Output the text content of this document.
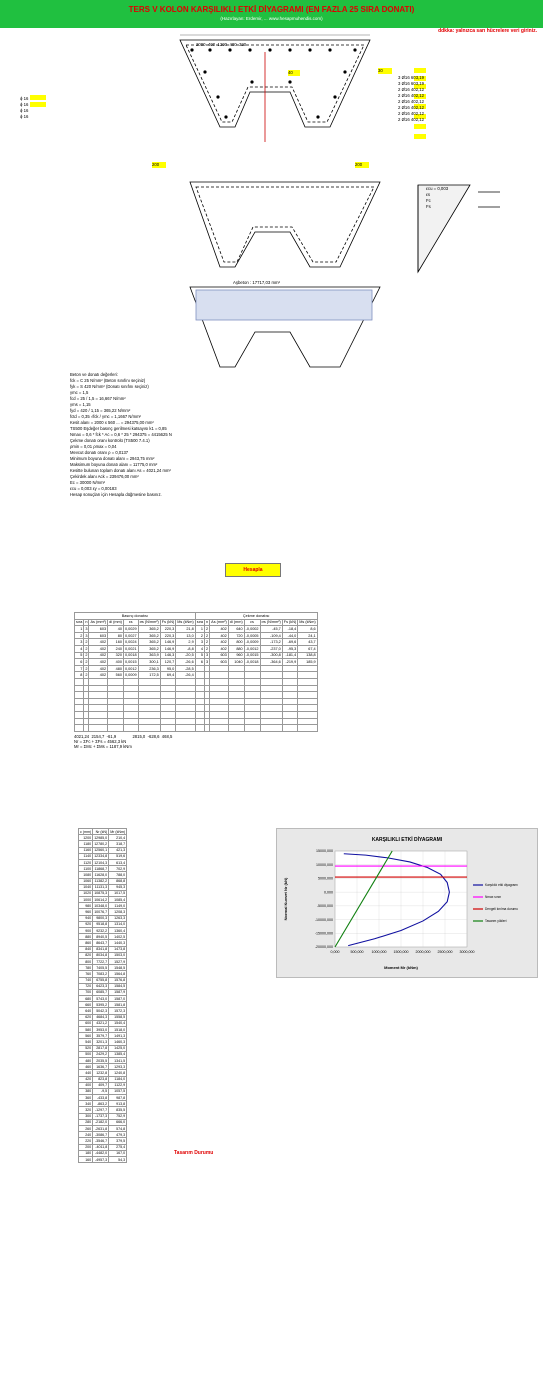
TERS V KOLON KARŞILIKLI ETKİ DİYAGRAMI (EN FAZLA 25 SIRA DONATI)
(Hazırlayan: Erdemir, ... www.hesapmuhendis.com)
ddkka: yalnızca sarı hücrelere veri giriniz.
3 Ø16 603,19
3 Ø16 603,19
2 Ø16 402,12
2 Ø16 402,12
2 Ø16 402,12
2 Ø16 402,12
2 Ø16 402,12
2 Ø16 402,12
2000 400 1200 400 320
ϕ 16
ϕ 16
ϕ 16
ϕ 16
30
40
200	200
Aşbeton : 17717,03 mm²
εcu = 0,003
εs
Fc
Fs
Beton ve donatı değerleri:
fck = C 25 N/mm² (Beton sınıfını seçiniz)
fyk = S 420 N/mm² (Donatı sınıfını seçiniz)
γmc = 1,5
fcd = 25 / 1,5 = 16,667 N/mm²
γms = 1,15
fyd = 420 / 1,15 = 365,22 N/mm²
fctd = 0,35 √fck / γmc = 1,1667 N/mm²
Kesit alanı = 2000 x 560 ... = 294375,00 mm²
TS500 Eşdeğer basınç gerilmesi katsayısı k1 = 0,85
Nmax = 0,6 * fck * Ac = 0,6 * 25 * 294375 = 4415625 N
Çekme donatı oranı kontrolü (TS500 7.4.1)
ρmin = 0,01 ρmax = 0,04
Mevcut donatı oranı ρ = 0,0137
Minimum boyuna donatı alanı = 2943,75 mm²
Maksimum boyuna donatı alanı = 11775,0 mm²
Kesitte bulunan toplam donatı alanı As = 4021,24 mm²
Çekirdek alanı Ack = 239476,00 mm²
Ec = 30000 N/mm²
εcu = 0,003 εy = 0,00183
Hesap sonuçları için Hesapla düğmesine basınız.
Hesapla
Basınç donatısı								Çekme donatısı							
sıra	n	As (mm²)	di (mm)	εs	σs (N/mm²)	Fs (kN)	Ms (kNm)	sıra	n	As (mm²)	di (mm)	εs	σs (N/mm²)	Fs (kN)	Ms (kNm)
1	3	603	40	0,0029	365,2	220,3	21,8	1	2	402	640	-0,0002	-45,7	-18,4	8,6
2	3	603	80	0,0027	365,2	220,3	13,0	2	2	402	720	-0,0005	-109,4	-44,0	24,1
3	2	402	160	0,0024	365,2	146,9	2,9	3	2	402	800	-0,0009	-173,2	-69,6	43,7
4	2	402	240	0,0021	365,2	146,9	-8,8	4	2	402	880	-0,0012	-237,0	-95,3	67,4
5	2	402	320	0,0018	363,9	146,3	-20,5	5	3	603	960	-0,0015	-300,8	-181,4	138,8
6	2	402	400	0,0015	300,1	120,7	-26,6	6	3	603	1040	-0,0018	-364,6	-219,9	185,9
7	2	402	480	0,0012	236,3	95,0	-28,5								
8	2	402	560	0,0009	172,5	69,4	-26,4								

4021,24 2154,7 -61,9	2815,0 -628,6 468,5
Nr = ΣFc + ΣFs = 4562,3 kN
Mr = ΣMc + ΣMs = 1187,9 kNm
c (mm)	Nr (kN)	Mr (kNm)
1200	12985,0	210,4
1180	12780,2	318,7
1160	12560,1	421,3
1140	12334,8	519,6
1120	12104,3	613,4
1100	11868,7	702,9
1080	11628,0	788,0
1060	11382,2	868,8
1040	11131,3	945,3
1020	10875,3	1017,5
1000	10614,2	1085,4
980	10348,0	1149,0
960	10076,7	1208,3
940	9800,3	1263,3
920	9518,8	1314,0
900	9232,2	1360,4
880	8940,5	1402,5
860	8643,7	1440,3
840	8341,8	1473,8
820	8034,8	1503,0
800	7722,7	1527,9
780	7405,5	1548,5
760	7083,2	1564,8
740	6755,8	1576,8
720	6423,3	1584,5
700	6085,7	1587,9
680	5743,0	1587,0
660	5395,2	1581,8
640	5042,3	1572,3
620	4684,3	1558,5
600	4321,2	1540,4
580	3953,0	1518,0
560	3579,7	1491,3
540	3201,3	1460,3
520	2817,8	1425,0
500	2429,2	1385,4
480	2035,5	1341,5
460	1636,7	1293,3
440	1232,8	1240,8
420	823,8	1184,0
400	409,7	1122,9
380	-9,5	1057,5
360	-433,8	987,8
340	-863,2	913,8
320	-1297,7	835,5
300	-1737,3	752,9
280	-2182,0	666,0
260	-2631,8	574,8
240	-3086,7	479,3
220	-3546,7	379,5
200	-4011,8	275,4
180	-4482,0	167,0
160	-4957,3	54,3
Tasarım Durumu
0,000	500,000 1000,000 1500,000 2000,000 2500,000 3000,000
15000,000
10000,000
5000,000
0,000
-5000,000
-10000,000
-15000,000
-20000,000
KARŞILIKLI ETKİ DİYAGRAMI
Moment Mr (kNm)
Normal Kuvvet Nr (kN)	Karşılıklı etki diyagramı
Nmax sınırı
Dengeli kırılma durumu
Tasarım yükleri
